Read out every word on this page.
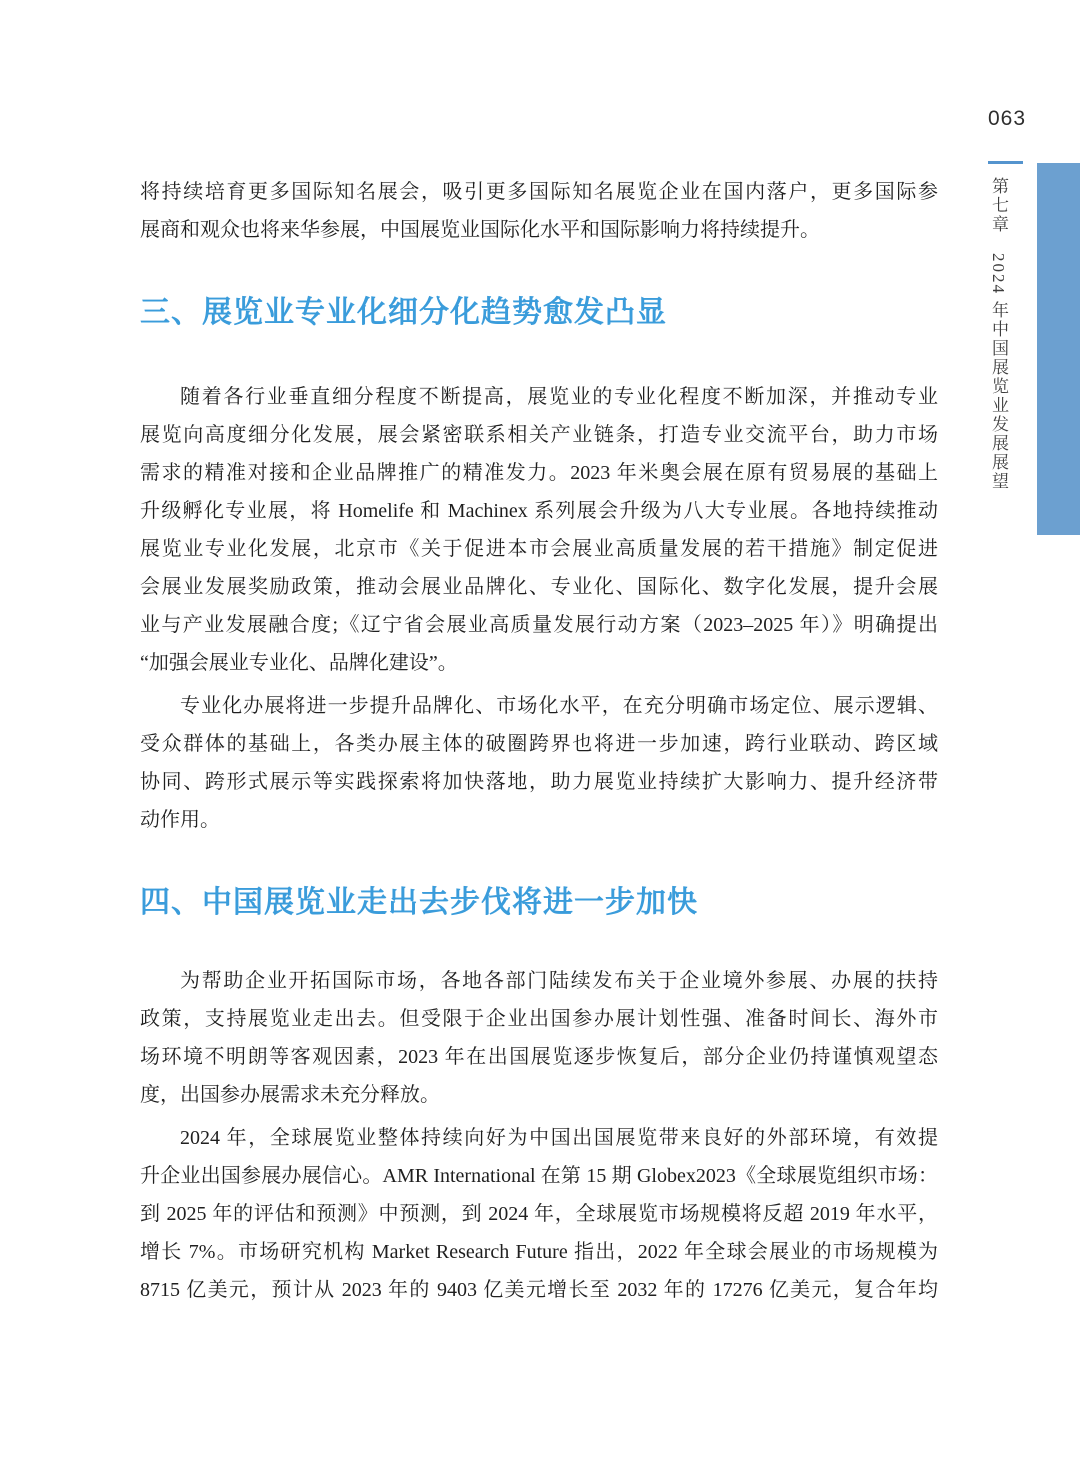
063
第七章　2024 年中国展览业发展展望
将持续培育更多国际知名展会，吸引更多国际知名展览企业在国内落户，更多国际参
展商和观众也将来华参展，中国展览业国际化水平和国际影响力将持续提升。
三、展览业专业化细分化趋势愈发凸显
随着各行业垂直细分程度不断提高，展览业的专业化程度不断加深，并推动专业
展览向高度细分化发展，展会紧密联系相关产业链条，打造专业交流平台，助力市场
需求的精准对接和企业品牌推广的精准发力。2023 年米奥会展在原有贸易展的基础上
升级孵化专业展，将 Homelife 和 Machinex 系列展会升级为八大专业展。各地持续推动
展览业专业化发展，北京市《关于促进本市会展业高质量发展的若干措施》制定促进
会展业发展奖励政策，推动会展业品牌化、专业化、国际化、数字化发展，提升会展
业与产业发展融合度;《辽宁省会展业高质量发展行动方案（2023–2025 年）》明确提出
“加强会展业专业化、品牌化建设”。
专业化办展将进一步提升品牌化、市场化水平，在充分明确市场定位、展示逻辑、
受众群体的基础上，各类办展主体的破圈跨界也将进一步加速，跨行业联动、跨区域
协同、跨形式展示等实践探索将加快落地，助力展览业持续扩大影响力、提升经济带
动作用。
四、中国展览业走出去步伐将进一步加快
为帮助企业开拓国际市场，各地各部门陆续发布关于企业境外参展、办展的扶持
政策，支持展览业走出去。但受限于企业出国参办展计划性强、准备时间长、海外市
场环境不明朗等客观因素，2023 年在出国展览逐步恢复后，部分企业仍持谨慎观望态
度，出国参办展需求未充分释放。
2024 年，全球展览业整体持续向好为中国出国展览带来良好的外部环境，有效提
升企业出国参展办展信心。AMR International 在第 15 期 Globex2023《全球展览组织市场：
到 2025 年的评估和预测》中预测，到 2024 年，全球展览市场规模将反超 2019 年水平，
增长 7%。市场研究机构 Market Research Future 指出，2022 年全球会展业的市场规模为
8715 亿美元，预计从 2023 年的 9403 亿美元增长至 2032 年的 17276 亿美元，复合年均
